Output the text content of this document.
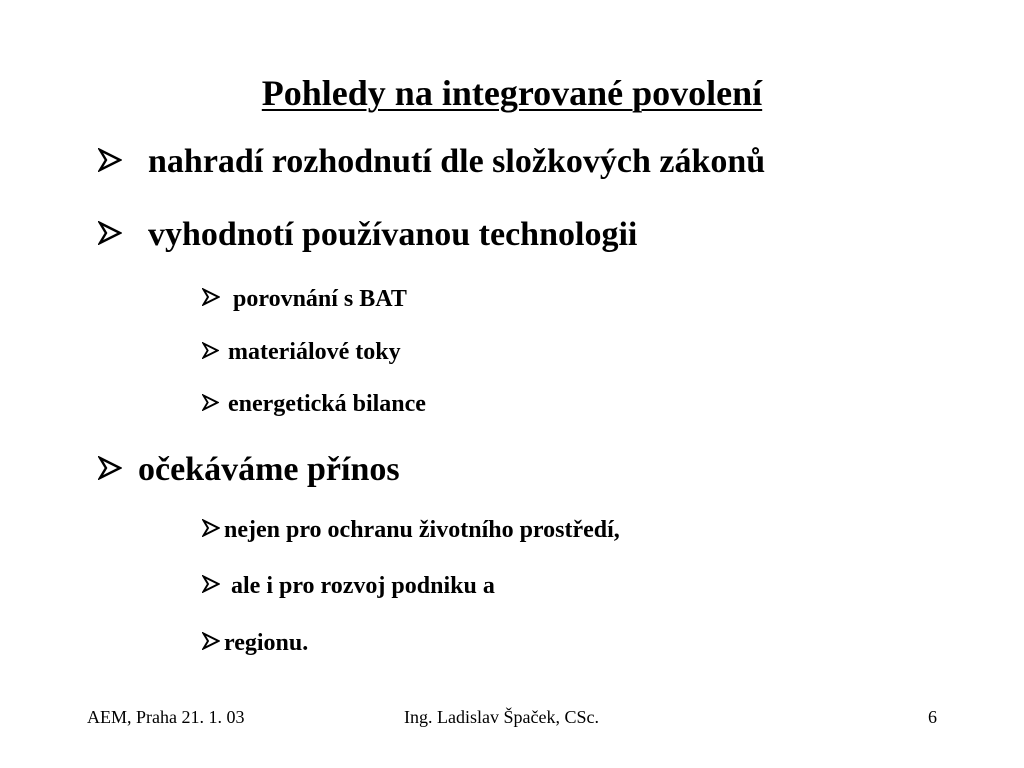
Pohledy na integrované povolení
nahradí rozhodnutí dle složkových zákonů
vyhodnotí používanou technologii
porovnání s BAT
materiálové toky
energetická bilance
očekáváme přínos
nejen pro ochranu životního prostředí,
ale i pro rozvoj podniku a
regionu.
AEM, Praha 21. 1. 03	Ing. Ladislav Špaček, CSc.	6
